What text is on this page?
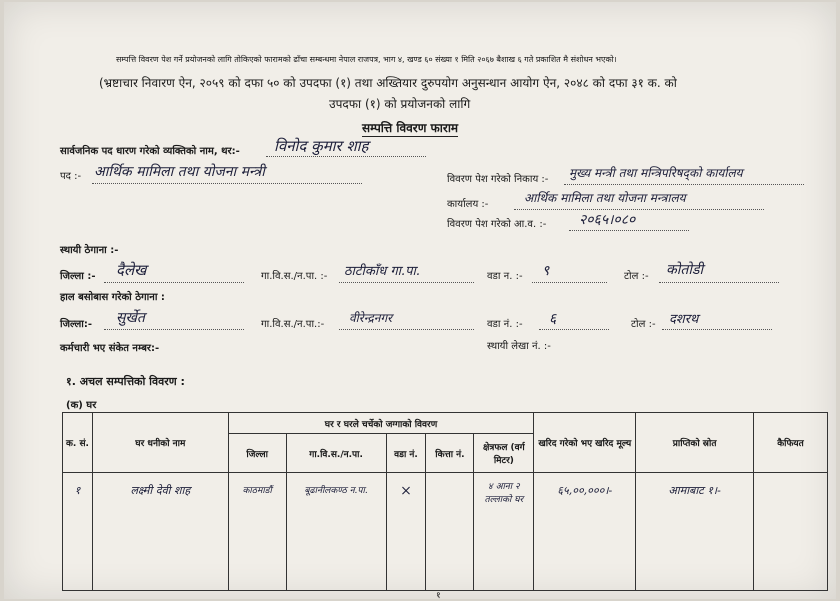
सम्पत्ति विवरण पेश गर्ने प्रयोजनको लागि तोकिएको फारामको ढाँचा सम्बन्धमा नेपाल राजपत्र, भाग ४, खण्ड ६० संख्या १ मिति २०६७ बैशाख ६ गते प्रकाशित मै संशोधन भएको।
(भ्रष्टाचार निवारण ऐन, २०५९ को दफा ५० को उपदफा (१) तथा अख्तियार दुरुपयोग अनुसन्धान आयोग ऐन, २०४८ को दफा ३१ क. को
उपदफा (१) को प्रयोजनको लागि
सम्पत्ति विवरण फाराम
सार्वजनिक पद धारण गरेको व्यक्तिको नाम, थर:- विनोद कुमार शाह
पद :- आर्थिक मामिला तथा योजना मन्त्री	विवरण पेश गरेको निकाय :- मुख्य मन्त्री तथा मन्त्रिपरिषद्को कार्यालय
कार्यालय :-	आर्थिक मामिला तथा योजना मन्त्रालय
विवरण पेश गरेको आ.व. :- २०६५।०८०
स्थायी ठेगाना :-
जिल्ला :- दैलेख	गा.वि.स./न.पा. :- ठाटीकाँध गा.पा.	वडा न. :- ९	टोल :- कोतोडी
हाल बसोबास गरेको ठेगाना :
जिल्ला:- सुर्खेत	गा.वि.स./न.पा.:- वीरेन्द्रनगर	वडा नं. :- ६	टोल :- दशरथ
कर्मचारी भए संकेत नम्बर:-	स्थायी लेखा नं. :-
१. अचल सम्पत्तिको विवरण :
(क) घर
क. सं.	घर धनीको नाम	घर र घरले चर्चेको जग्गाको विवरण					खरिद गरेको भए खरिद मूल्य	प्राप्तिको स्रोत	कैफियत
		जिल्ला	गा.वि.स./न.पा.	वडा नं.	कित्ता नं.	क्षेत्रफल (वर्ग मिटर)			
१	लक्ष्मी देवी शाह	काठमाडौं	बूढानीलकण्ठ न.पा.	×		४ आना २ तल्लाको घर	६५,००,०००।-	आमाबाट १।-	
१
